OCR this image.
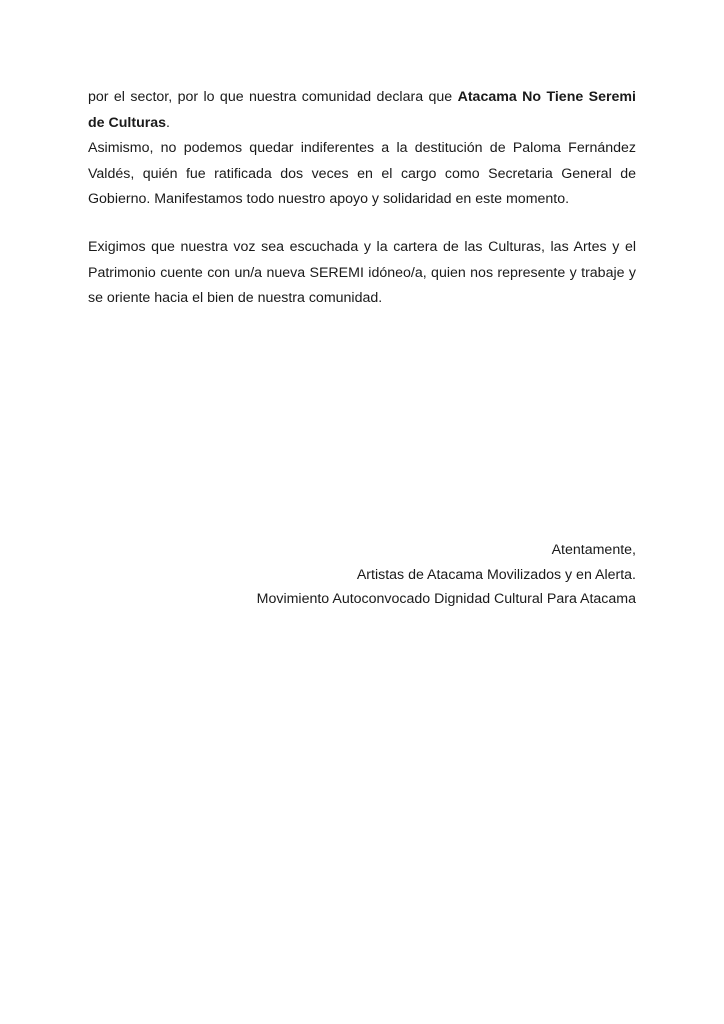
por el sector, por lo que nuestra comunidad declara que Atacama No Tiene Seremi de Culturas.

Asimismo, no podemos quedar indiferentes a la destitución de Paloma Fernández Valdés, quién fue ratificada dos veces en el cargo como Secretaria General de Gobierno. Manifestamos todo nuestro apoyo y solidaridad en este momento.

Exigimos que nuestra voz sea escuchada y la cartera de las Culturas, las Artes y el Patrimonio cuente con un/a nueva SEREMI idóneo/a, quien nos represente y trabaje y se oriente hacia el bien de nuestra comunidad.

Atentamente,
Artistas de Atacama Movilizados y en Alerta.
Movimiento Autoconvocado Dignidad Cultural Para Atacama
